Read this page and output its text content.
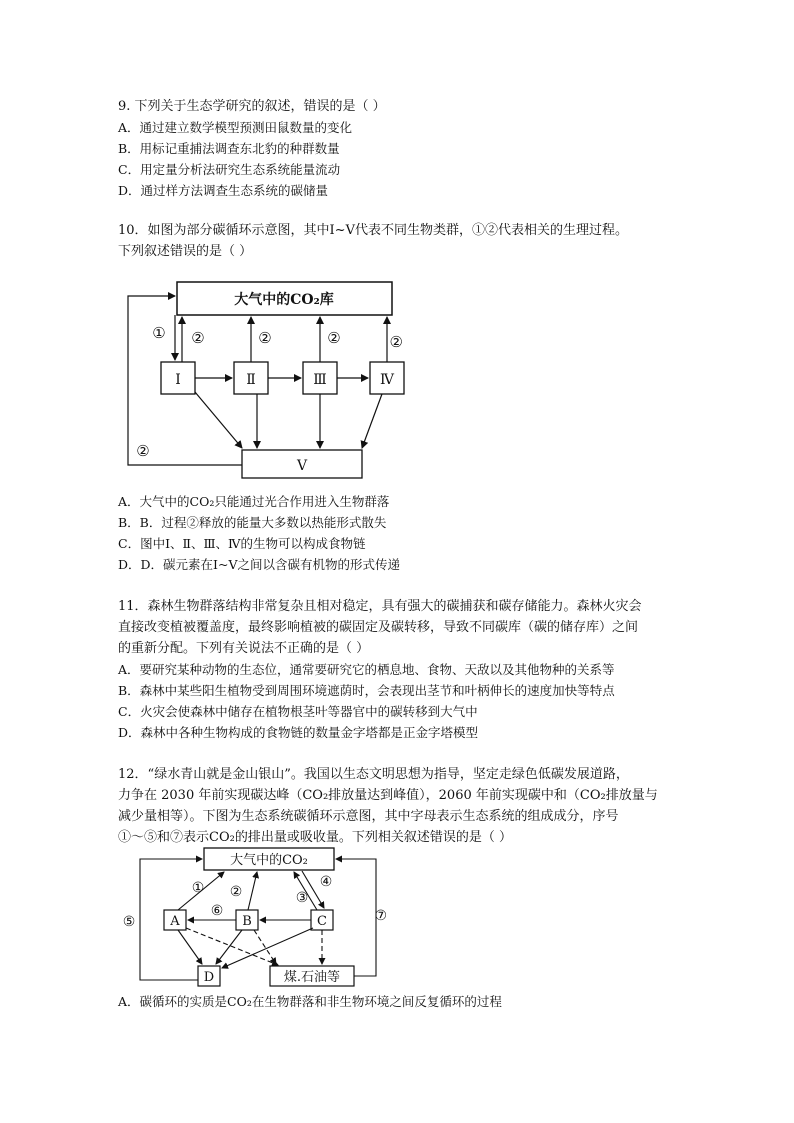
9. 下列关于生态学研究的叙述，错误的是（ ）
A．通过建立数学模型预测田鼠数量的变化
B．用标记重捕法调查东北豹的种群数量
C．用定量分析法研究生态系统能量流动
D．通过样方法调查生态系统的碳储量
10．如图为部分碳循环示意图，其中Ⅰ~Ⅴ代表不同生物类群，①②代表相关的生理过程。
下列叙述错误的是（ ）
大气中的CO₂库
Ⅰ	Ⅱ	Ⅲ	Ⅳ
Ⅴ
① ②	②	②	②
②
A．大气中的CO₂只能通过光合作用进入生物群落
B．B．过程②释放的能量大多数以热能形式散失
C．图中Ⅰ、Ⅱ、Ⅲ、Ⅳ的生物可以构成食物链
D．D．碳元素在Ⅰ~Ⅴ之间以含碳有机物的形式传递
11．森林生物群落结构非常复杂且相对稳定，具有强大的碳捕获和碳存储能力。森林火灾会
直接改变植被覆盖度，最终影响植被的碳固定及碳转移，导致不同碳库（碳的储存库）之间
的重新分配。下列有关说法不正确的是（ ）
A．要研究某种动物的生态位，通常要研究它的栖息地、食物、天敌以及其他物种的关系等
B．森林中某些阳生植物受到周围环境遮荫时，会表现出茎节和叶柄伸长的速度加快等特点
C．火灾会使森林中储存在植物根茎叶等器官中的碳转移到大气中
D．森林中各种生物构成的食物链的数量金字塔都是正金字塔模型
12．“绿水青山就是金山银山”。我国以生态文明思想为指导，坚定走绿色低碳发展道路，
力争在 2030 年前实现碳达峰（CO₂排放量达到峰值），2060 年前实现碳中和（CO₂排放量与
减少量相等）。下图为生态系统碳循环示意图，其中字母表示生态系统的组成成分，序号
①～⑤和⑦表示CO₂的排出量或吸收量。下列相关叙述错误的是（ ）
大气中的CO₂
A	B	C
D	煤.石油等
① ②	③
④
⑥
⑤	⑦
A．碳循环的实质是CO₂在生物群落和非生物环境之间反复循环的过程
